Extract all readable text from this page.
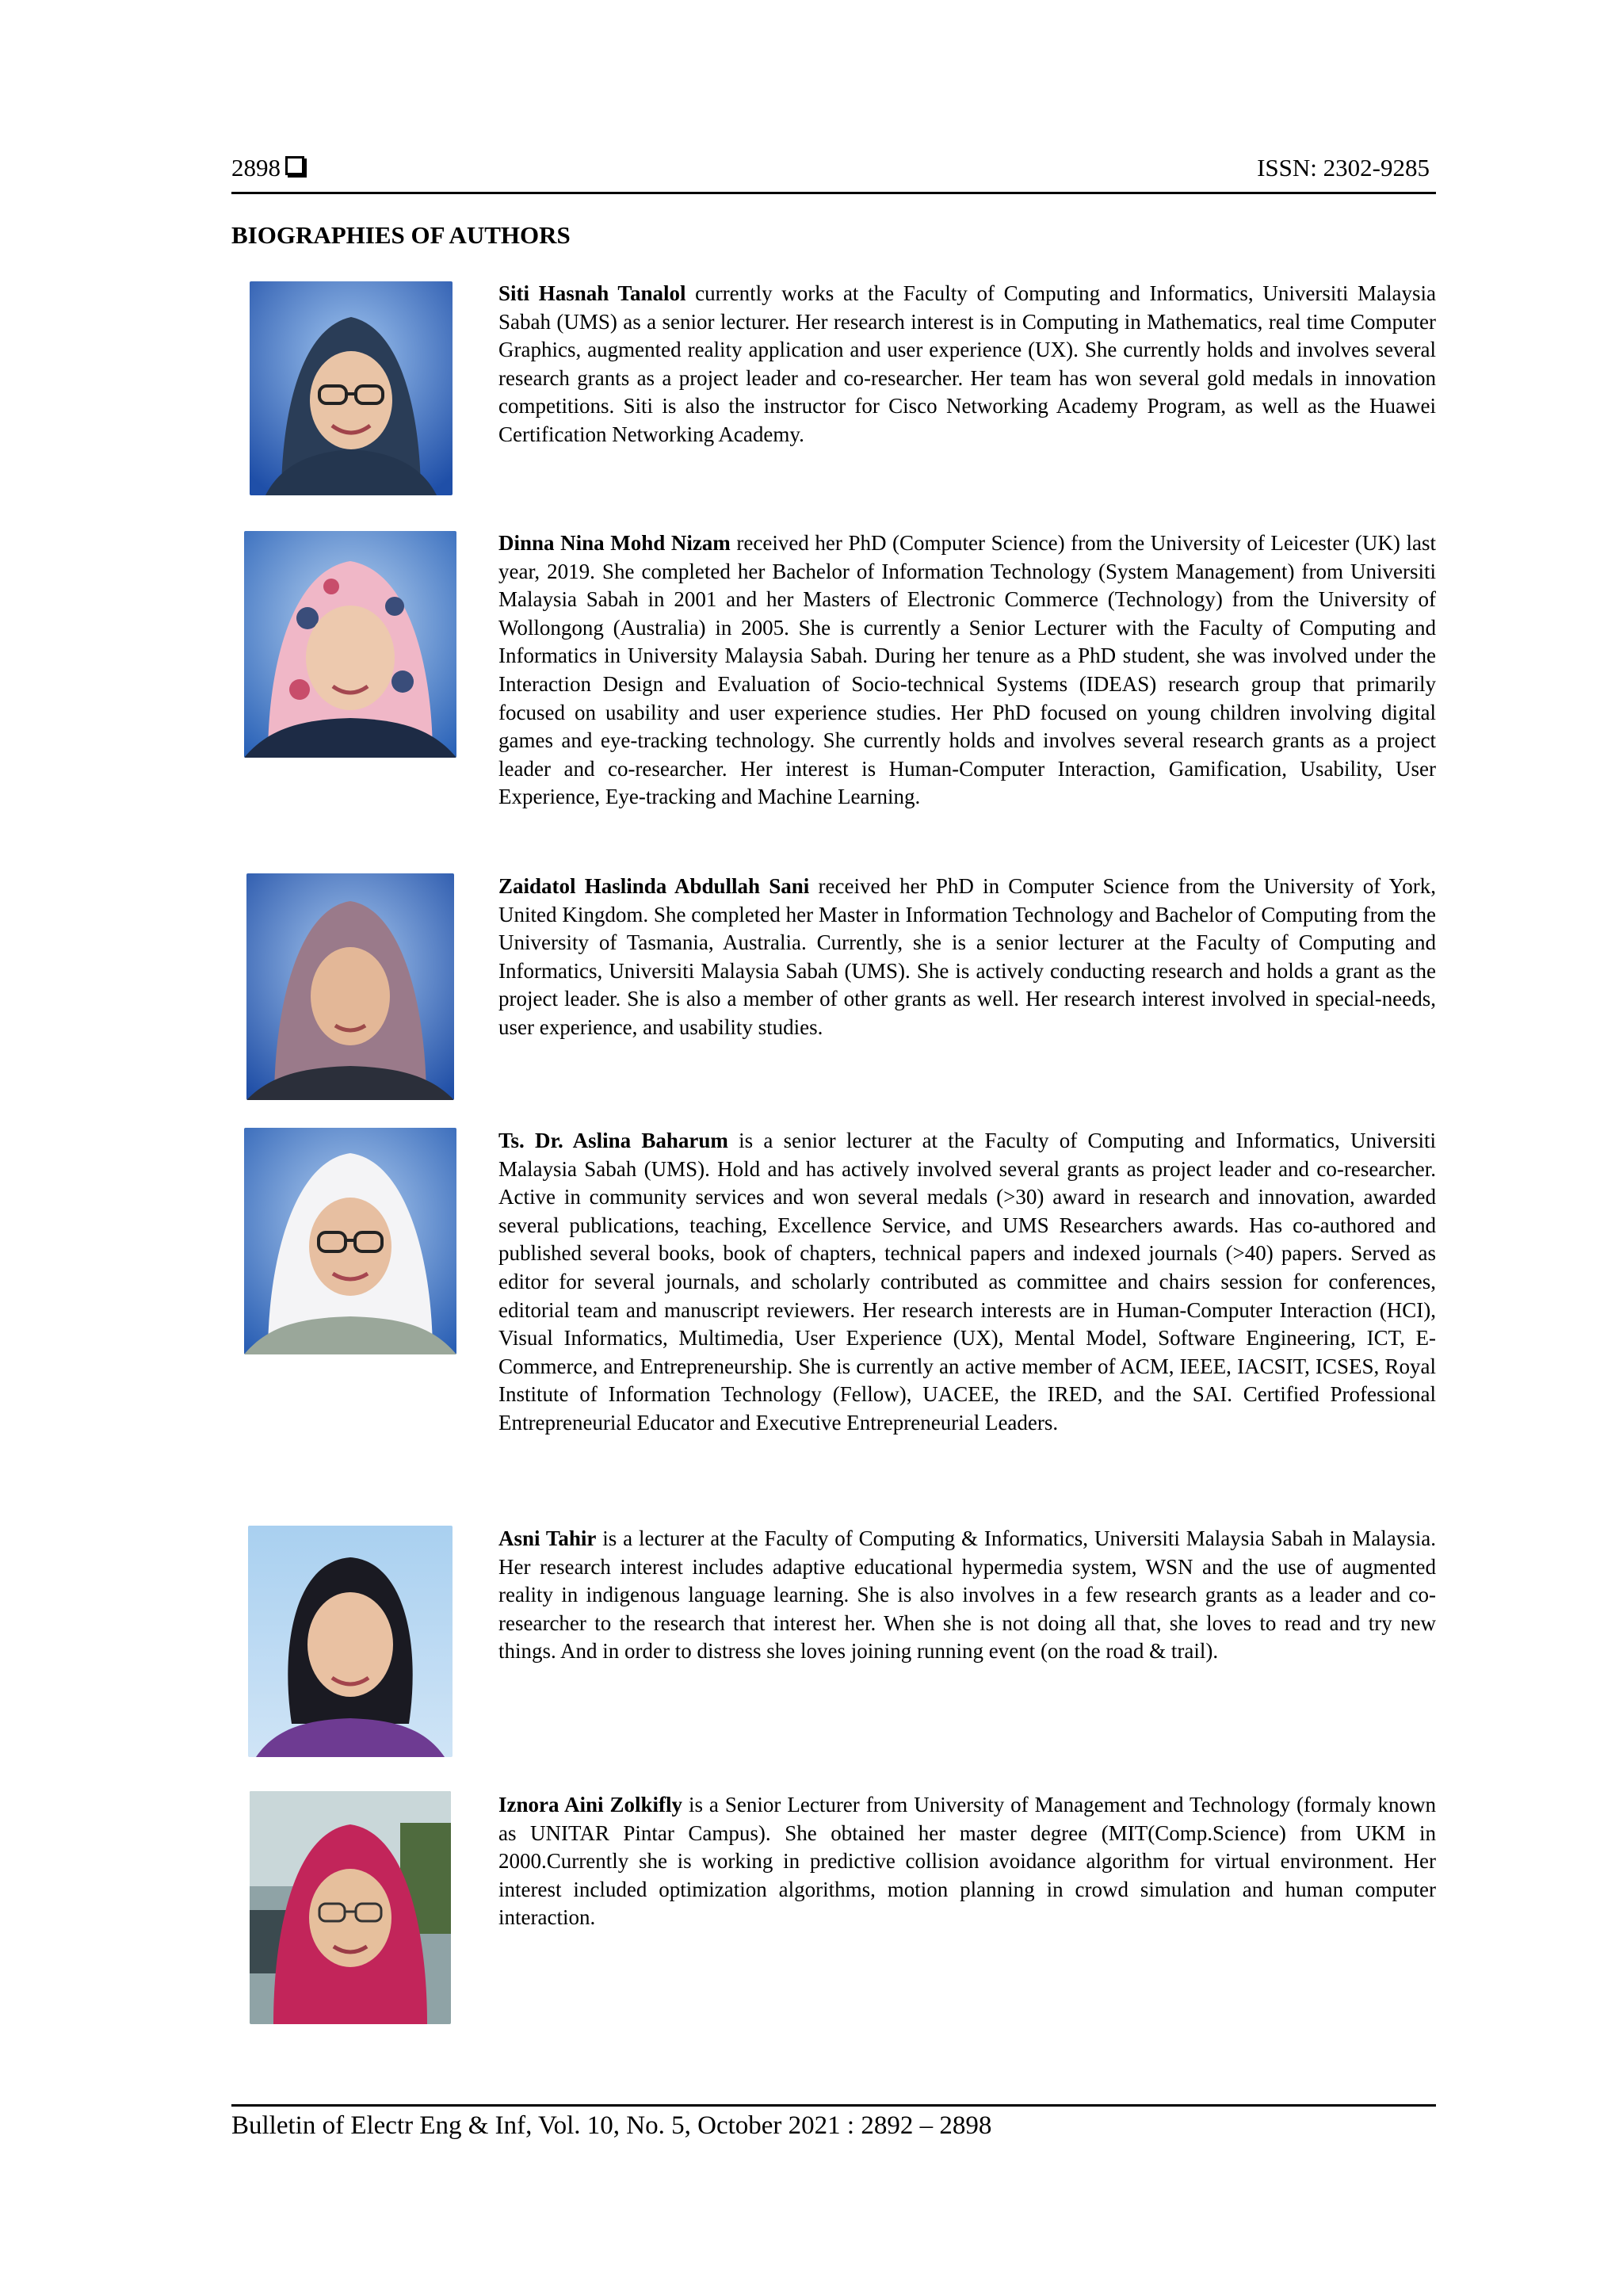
2898	ISSN: 2302-9285
BIOGRAPHIES OF AUTHORS
Siti Hasnah Tanalol currently works at the Faculty of Computing and Informatics, Universiti Malaysia Sabah (UMS) as a senior lecturer. Her research interest is in Computing in Mathematics, real time Computer Graphics, augmented reality application and user experience (UX). She currently holds and involves several research grants as a project leader and co-researcher. Her team has won several gold medals in innovation competitions. Siti is also the instructor for Cisco Networking Academy Program, as well as the Huawei Certification Networking Academy.
Dinna Nina Mohd Nizam received her PhD (Computer Science) from the University of Leicester (UK) last year, 2019. She completed her Bachelor of Information Technology (System Management) from Universiti Malaysia Sabah in 2001 and her Masters of Electronic Commerce (Technology) from the University of Wollongong (Australia) in 2005. She is currently a Senior Lecturer with the Faculty of Computing and Informatics in University Malaysia Sabah. During her tenure as a PhD student, she was involved under the Interaction Design and Evaluation of Socio-technical Systems (IDEAS) research group that primarily focused on usability and user experience studies. Her PhD focused on young children involving digital games and eye-tracking technology. She currently holds and involves several research grants as a project leader and co-researcher. Her interest is Human-Computer Interaction, Gamification, Usability, User Experience, Eye-tracking and Machine Learning.
Zaidatol Haslinda Abdullah Sani received her PhD in Computer Science from the University of York, United Kingdom. She completed her Master in Information Technology and Bachelor of Computing from the University of Tasmania, Australia. Currently, she is a senior lecturer at the Faculty of Computing and Informatics, Universiti Malaysia Sabah (UMS). She is actively conducting research and holds a grant as the project leader. She is also a member of other grants as well. Her research interest involved in special-needs, user experience, and usability studies.
Ts. Dr. Aslina Baharum is a senior lecturer at the Faculty of Computing and Informatics, Universiti Malaysia Sabah (UMS). Hold and has actively involved several grants as project leader and co-researcher. Active in community services and won several medals (>30) award in research and innovation, awarded several publications, teaching, Excellence Service, and UMS Researchers awards. Has co-authored and published several books, book of chapters, technical papers and indexed journals (>40) papers. Served as editor for several journals, and scholarly contributed as committee and chairs session for conferences, editorial team and manuscript reviewers. Her research interests are in Human-Computer Interaction (HCI), Visual Informatics, Multimedia, User Experience (UX), Mental Model, Software Engineering, ICT, E-Commerce, and Entrepreneurship. She is currently an active member of ACM, IEEE, IACSIT, ICSES, Royal Institute of Information Technology (Fellow), UACEE, the IRED, and the SAI. Certified Professional Entrepreneurial Educator and Executive Entrepreneurial Leaders.
Asni Tahir is a lecturer at the Faculty of Computing & Informatics, Universiti Malaysia Sabah in Malaysia. Her research interest includes adaptive educational hypermedia system, WSN and the use of augmented reality in indigenous language learning. She is also involves in a few research grants as a leader and co-researcher to the research that interest her. When she is not doing all that, she loves to read and try new things. And in order to distress she loves joining running event (on the road & trail).
Iznora Aini Zolkifly is a Senior Lecturer from University of Management and Technology (formaly known as UNITAR Pintar Campus). She obtained her master degree (MIT(Comp.Science) from UKM in 2000.Currently she is working in predictive collision avoidance algorithm for virtual environment. Her interest included optimization algorithms, motion planning in crowd simulation and human computer interaction.
Bulletin of Electr Eng & Inf, Vol. 10, No. 5, October 2021 : 2892 – 2898
